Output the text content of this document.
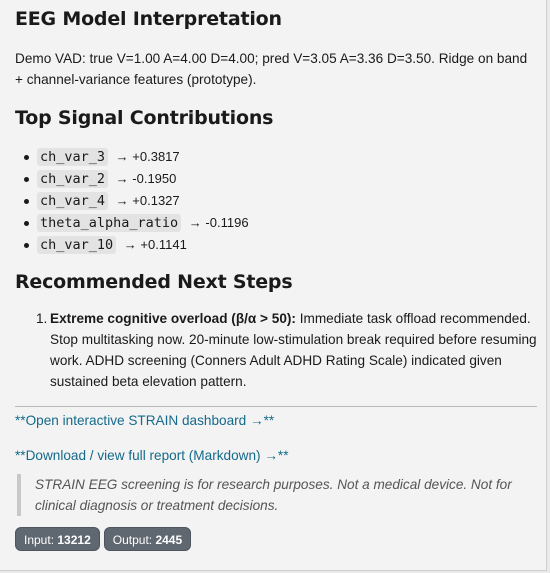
EEG Model Interpretation

Demo VAD: true V=1.00 A=4.00 D=4.00; pred V=3.05 A=3.36 D=3.50. Ridge on band + channel-variance features (prototype).

Top Signal Contributions
ch_var_3 → +0.3817
ch_var_2 → -0.1950
ch_var_4 → +0.1327
theta_alpha_ratio → -0.1196
ch_var_10 → +0.1141
Recommended Next Steps
1. Extreme cognitive overload (β/α > 50): Immediate task offload recommended. Stop multitasking now. 20-minute low-stimulation break required before resuming work. ADHD screening (Conners Adult ADHD Rating Scale) indicated given sustained beta elevation pattern.
**Open interactive STRAIN dashboard →**
**Download / view full report (Markdown) →**
STRAIN EEG screening is for research purposes. Not a medical device. Not for clinical diagnosis or treatment decisions.
Input: 13212	Output: 2445
